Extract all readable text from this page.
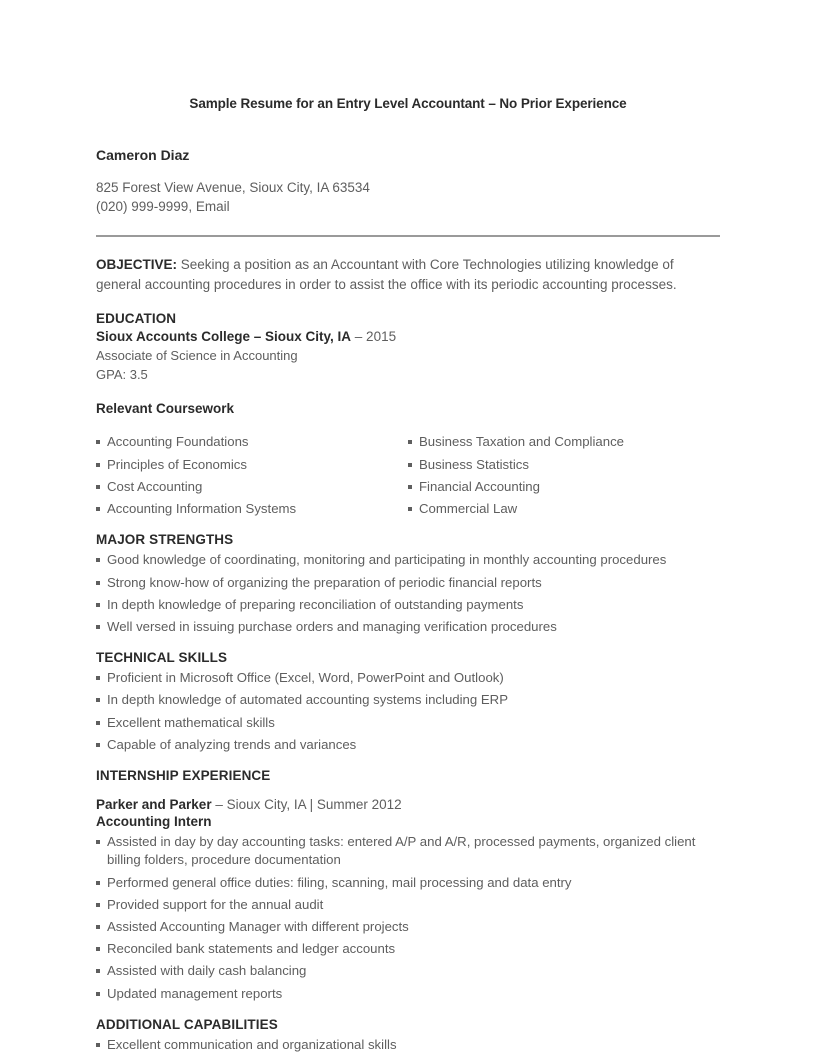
Sample Resume for an Entry Level Accountant – No Prior Experience
Cameron Diaz
825 Forest View Avenue, Sioux City, IA 63534
(020) 999-9999, Email
OBJECTIVE: Seeking a position as an Accountant with Core Technologies utilizing knowledge of general accounting procedures in order to assist the office with its periodic accounting processes.
EDUCATION
Sioux Accounts College – Sioux City, IA – 2015
Associate of Science in Accounting
GPA: 3.5
Relevant Coursework
Accounting Foundations
Principles of Economics
Cost Accounting
Accounting Information Systems
Business Taxation and Compliance
Business Statistics
Financial Accounting
Commercial Law
MAJOR STRENGTHS
Good knowledge of coordinating, monitoring and participating in monthly accounting procedures
Strong know-how of organizing the preparation of periodic financial reports
In depth knowledge of preparing reconciliation of outstanding payments
Well versed in issuing purchase orders and managing verification procedures
TECHNICAL SKILLS
Proficient in Microsoft Office (Excel, Word, PowerPoint and Outlook)
In depth knowledge of automated accounting systems including ERP
Excellent mathematical skills
Capable of analyzing trends and variances
INTERNSHIP EXPERIENCE
Parker and Parker – Sioux City, IA | Summer 2012
Accounting Intern
Assisted in day by day accounting tasks: entered A/P and A/R, processed payments, organized client billing folders, procedure documentation
Performed general office duties: filing, scanning, mail processing and data entry
Provided support for the annual audit
Assisted Accounting Manager with different projects
Reconciled bank statements and ledger accounts
Assisted with daily cash balancing
Updated management reports
ADDITIONAL CAPABILITIES
Excellent communication and organizational skills
